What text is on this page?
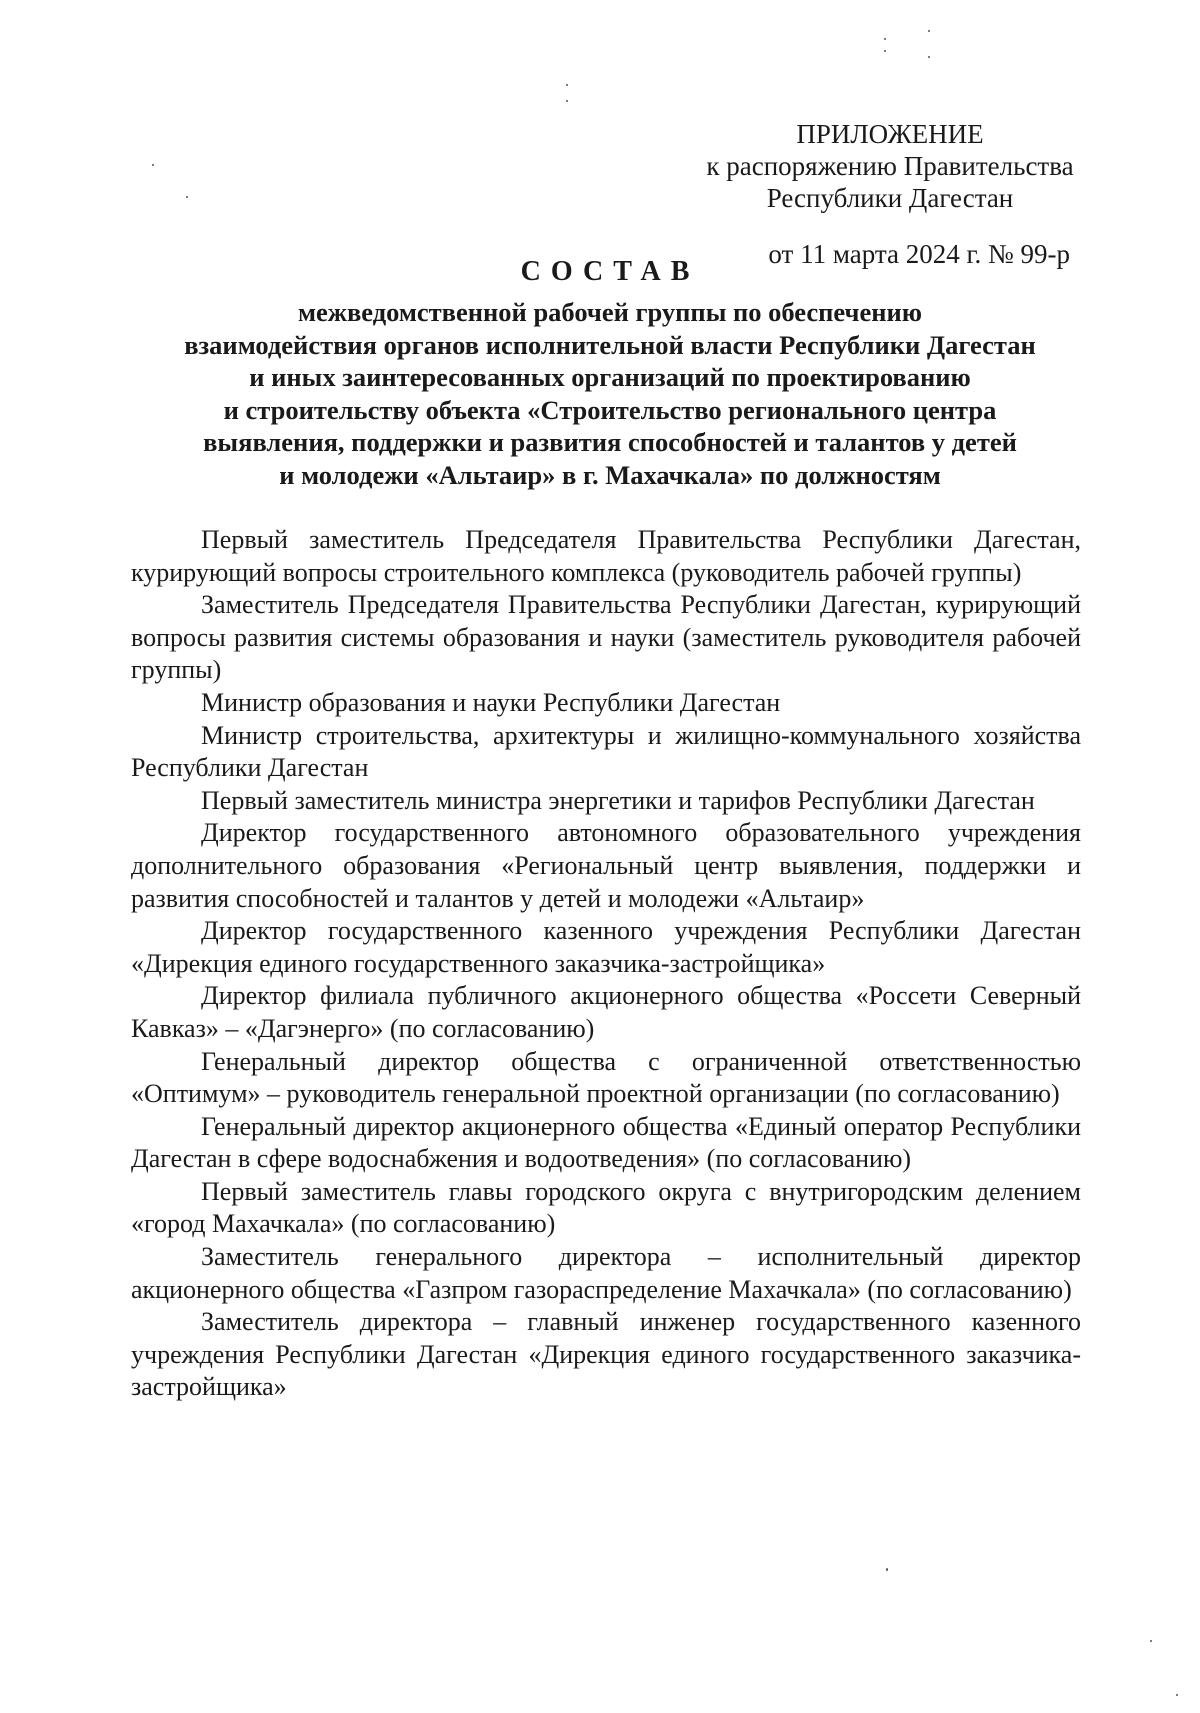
ПРИЛОЖЕНИЕ
к распоряжению Правительства
Республики Дагестан
от 11 марта 2024 г. № 99-р
СОСТАВ
межведомственной рабочей группы по обеспечению
взаимодействия органов исполнительной власти Республики Дагестан
и иных заинтересованных организаций по проектированию
и строительству объекта «Строительство регионального центра
выявления, поддержки и развития способностей и талантов у детей
и молодежи «Альтаир» в г. Махачкала» по должностям
Первый заместитель Председателя Правительства Республики Дагестан, курирующий вопросы строительного комплекса (руководитель рабочей группы)
Заместитель Председателя Правительства Республики Дагестан, курирующий вопросы развития системы образования и науки (заместитель руководителя рабочей группы)
Министр образования и науки Республики Дагестан
Министр строительства, архитектуры и жилищно-коммунального хозяйства Республики Дагестан
Первый заместитель министра энергетики и тарифов Республики Дагестан
Директор государственного автономного образовательного учреждения дополнительного образования «Региональный центр выявления, поддержки и развития способностей и талантов у детей и молодежи «Альтаир»
Директор государственного казенного учреждения Республики Дагестан «Дирекция единого государственного заказчика-застройщика»
Директор филиала публичного акционерного общества «Россети Северный Кавказ» – «Дагэнерго» (по согласованию)
Генеральный директор общества с ограниченной ответственностью «Оптимум» – руководитель генеральной проектной организации (по согласованию)
Генеральный директор акционерного общества «Единый оператор Республики Дагестан в сфере водоснабжения и водоотведения» (по согласованию)
Первый заместитель главы городского округа с внутригородским делением «город Махачкала» (по согласованию)
Заместитель генерального директора – исполнительный директор акционерного общества «Газпром газораспределение Махачкала» (по согласованию)
Заместитель директора – главный инженер государственного казенного учреждения Республики Дагестан «Дирекция единого государственного заказчика-застройщика»
